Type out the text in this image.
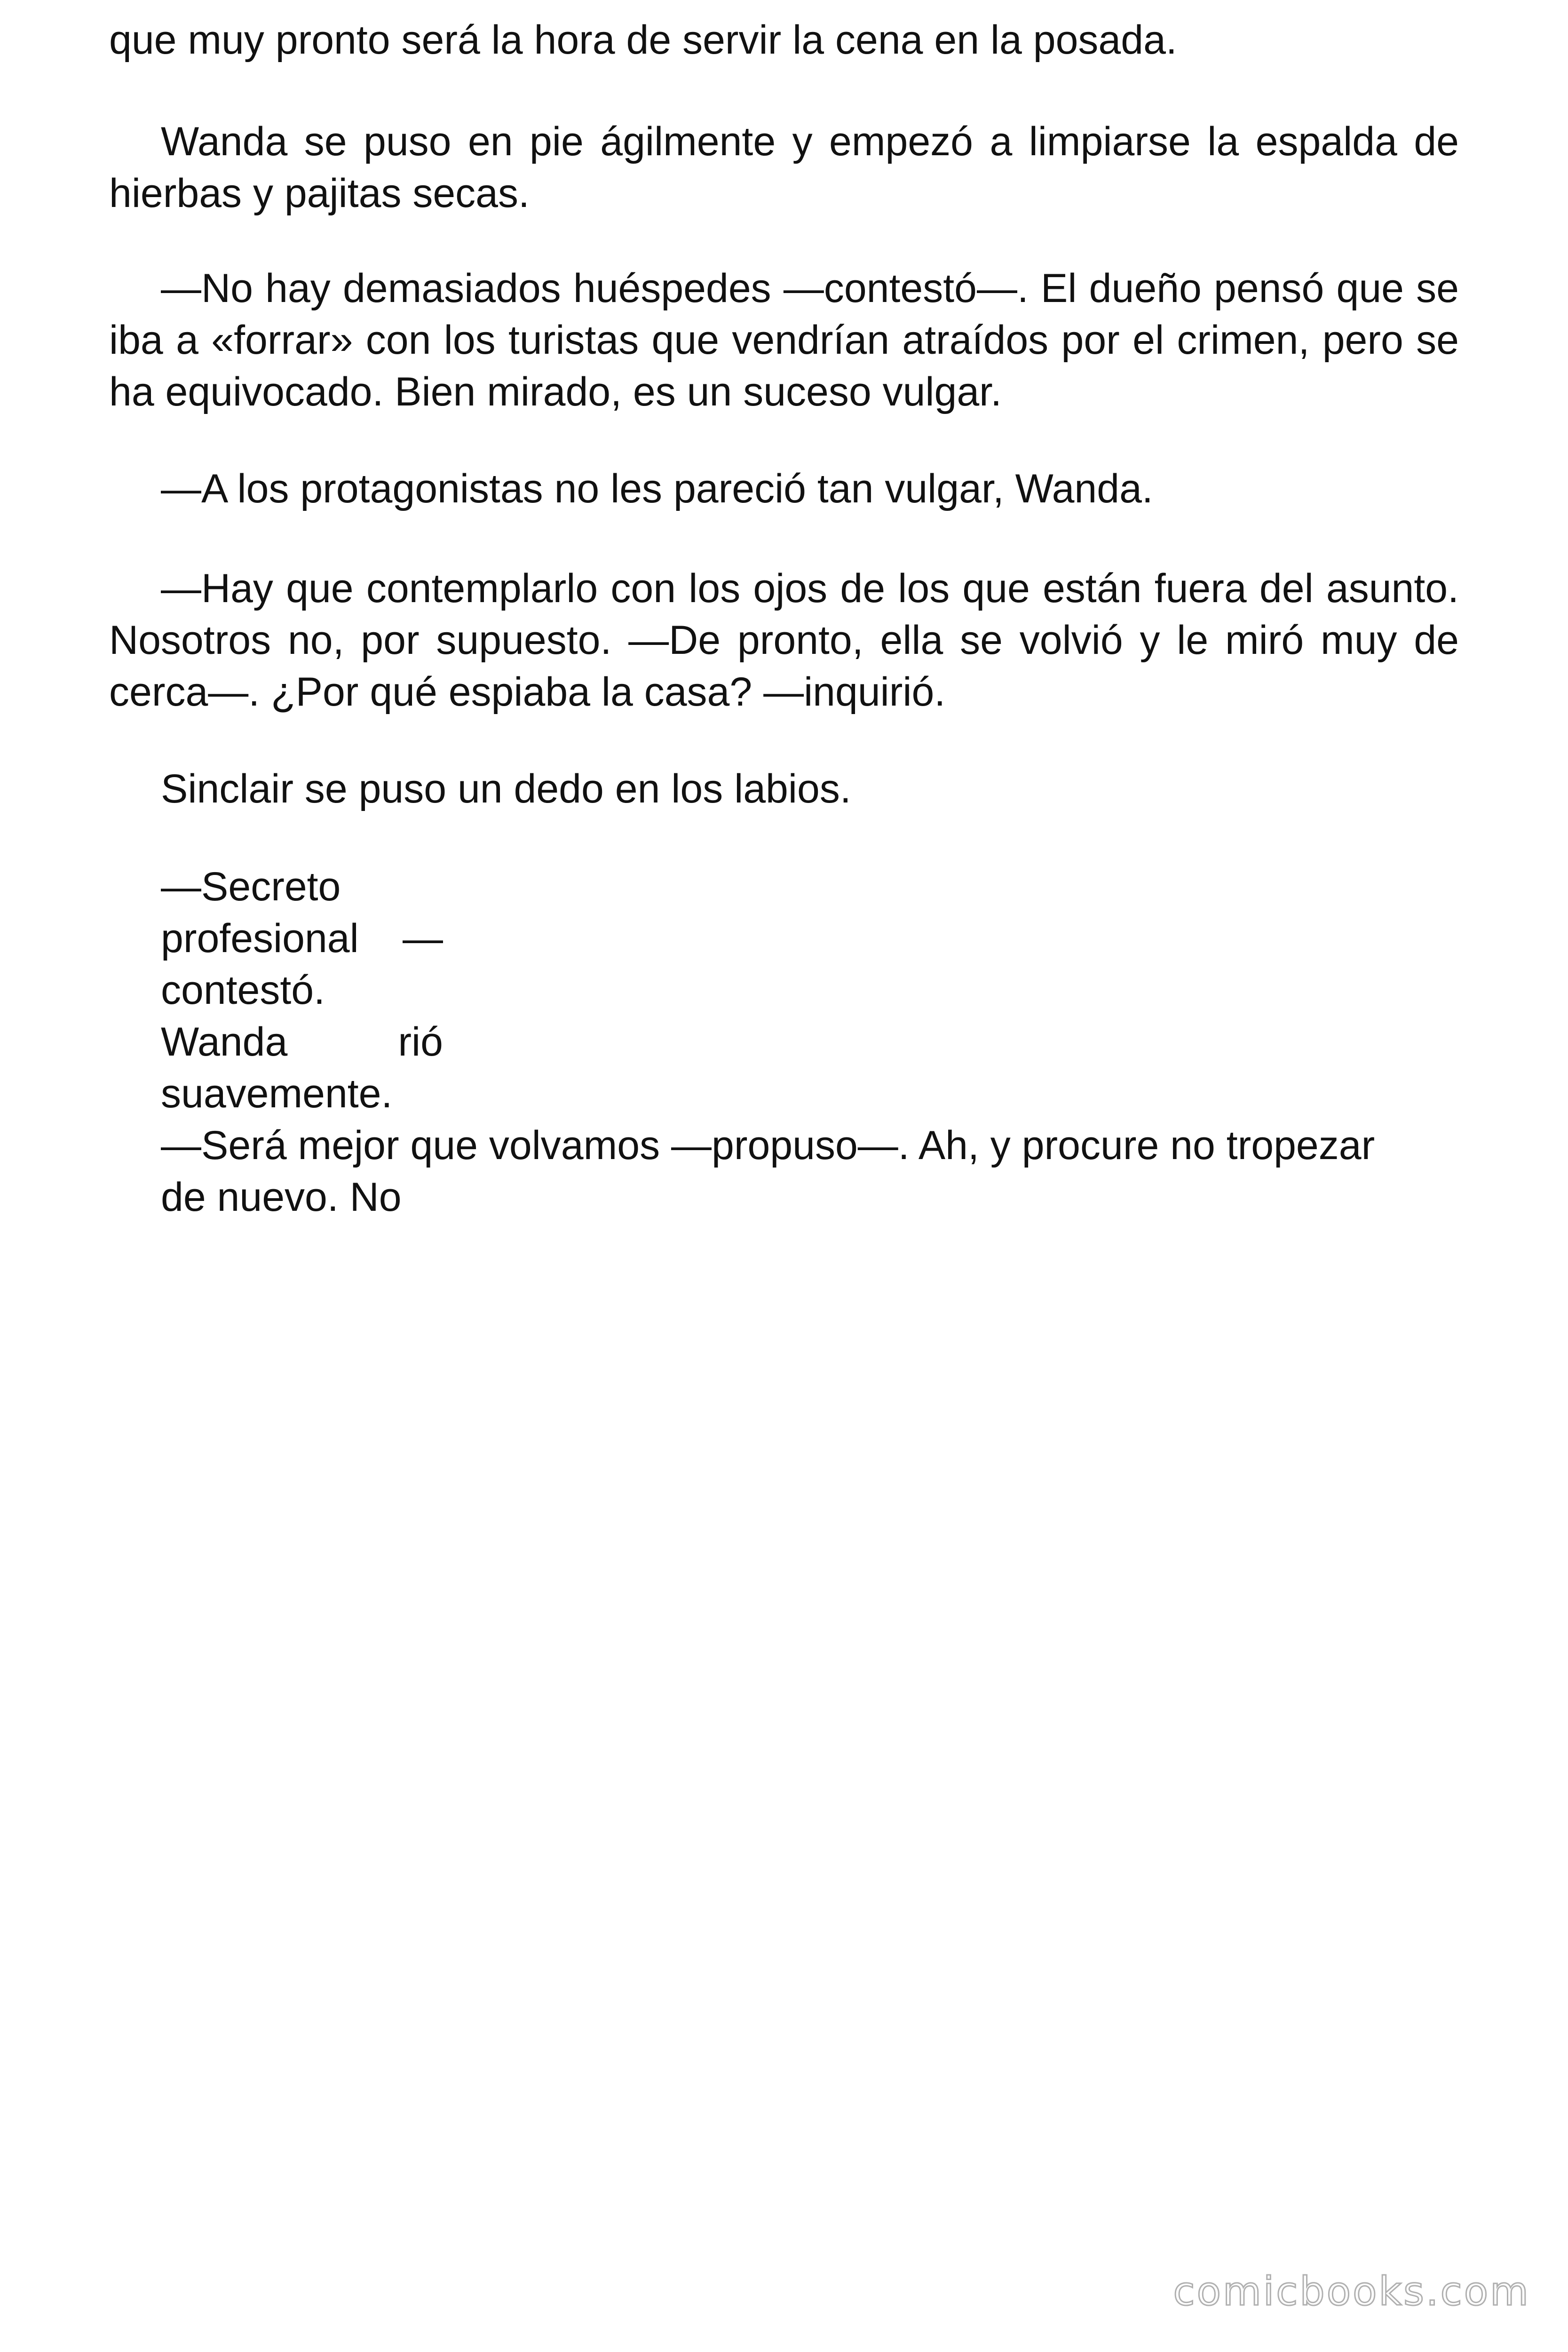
que muy pronto será la hora de servir la cena en la posada.

Wanda se puso en pie ágilmente y empezó a limpiarse la espalda de hierbas y pajitas secas.

—No hay demasiados huéspedes —contestó—. El dueño pensó que se iba a «forrar» con los turistas que vendrían atraídos por el crimen, pero se ha equivocado. Bien mirado, es un suceso vulgar.

—A los protagonistas no les pareció tan vulgar, Wanda.

—Hay que contemplarlo con los ojos de los que están fuera del asunto. Nosotros no, por supuesto. —De pronto, ella se volvió y le miró muy de cerca—. ¿Por qué espiaba la casa? —inquirió.

Sinclair se puso un dedo en los labios.

—Secreto
profesional —
contestó.
Wanda	rió
suavemente.
—Será mejor que volvamos —propuso—. Ah, y procure no tropezar
de nuevo. No
comicbooks.com
